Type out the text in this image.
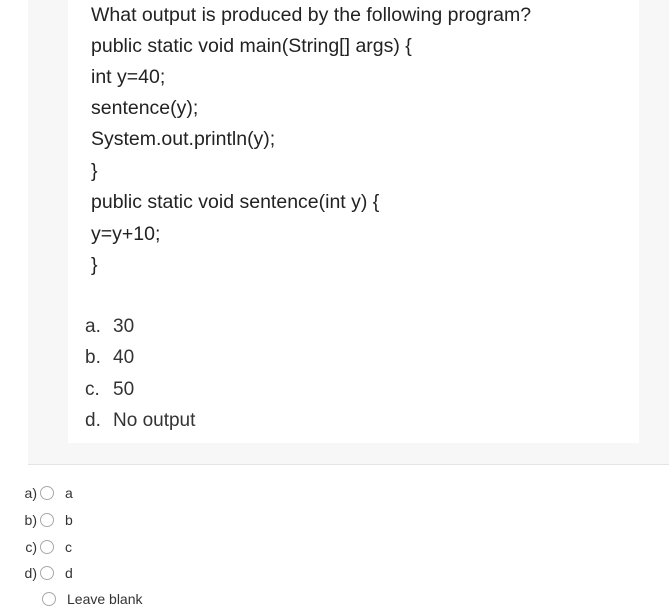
What output is produced by the following program?
public static void main(String[] args) {
int y=40;
sentence(y);
System.out.println(y);
}
public static void sentence(int y) {
y=y+10;
}
a. 30
b. 40
c. 50
d. No output
a) a
b) b
c) c
d) d
Leave blank
